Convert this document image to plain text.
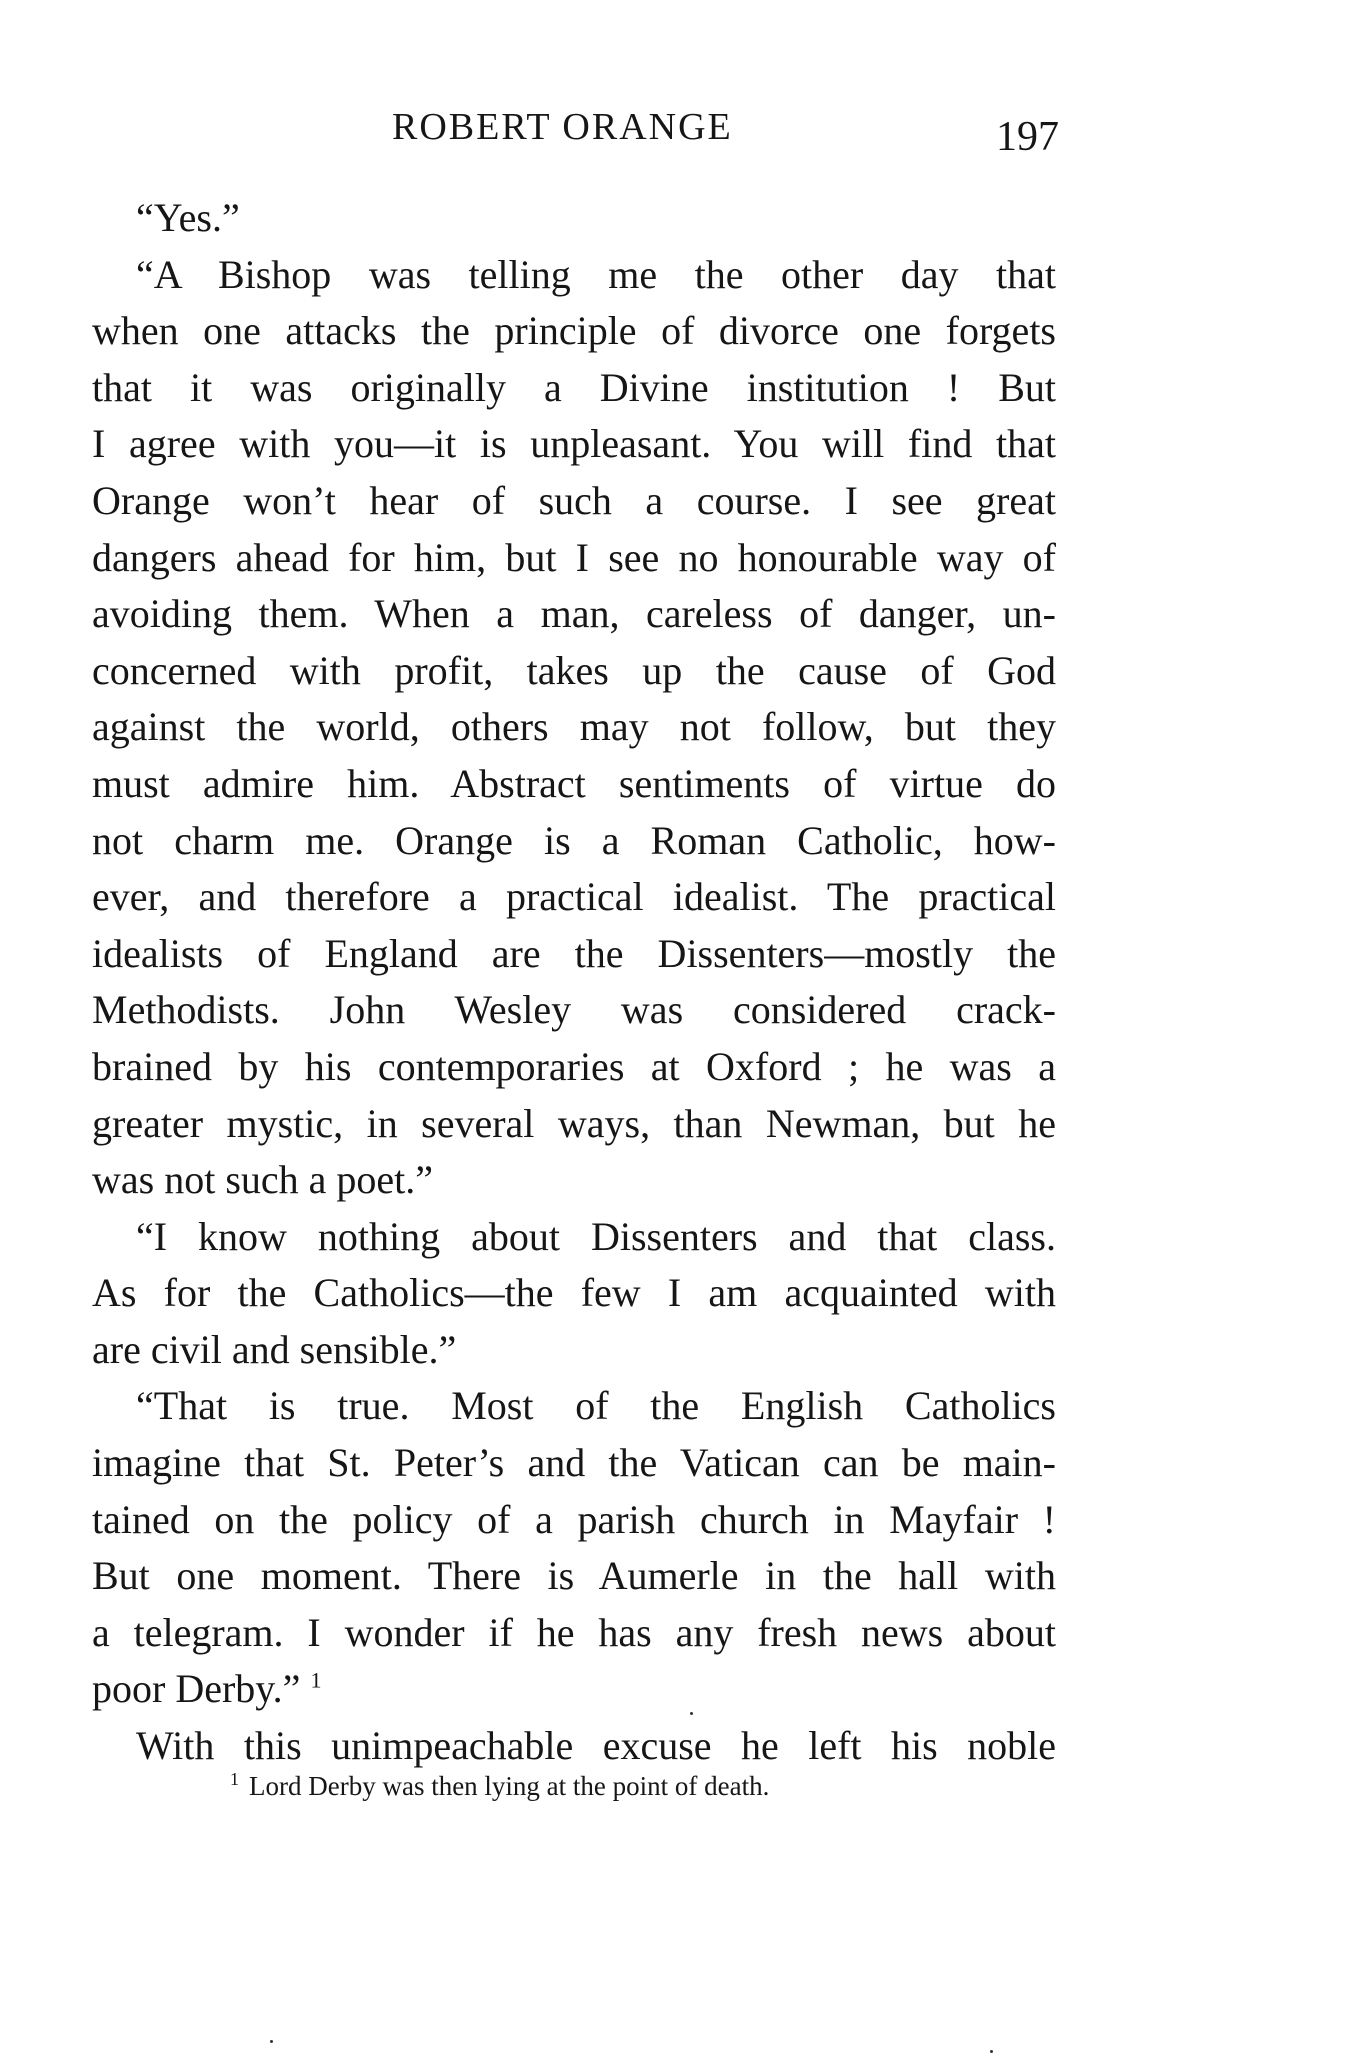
ROBERT ORANGE	197
“Yes.”
“A Bishop was telling me the other day that
when one attacks the principle of divorce one forgets
that it was originally a Divine institution ! But
I agree with you—it is unpleasant. You will find that
Orange won’t hear of such a course. I see great
dangers ahead for him, but I see no honourable way of
avoiding them. When a man, careless of danger, un-
concerned with profit, takes up the cause of God
against the world, others may not follow, but they
must admire him. Abstract sentiments of virtue do
not charm me. Orange is a Roman Catholic, how-
ever, and therefore a practical idealist. The practical
idealists of England are the Dissenters—mostly the
Methodists. John Wesley was considered crack-
brained by his contemporaries at Oxford ; he was a
greater mystic, in several ways, than Newman, but he
was not such a poet.”
“I know nothing about Dissenters and that class.
As for the Catholics—the few I am acquainted with
are civil and sensible.”
“That is true. Most of the English Catholics
imagine that St. Peter’s and the Vatican can be main-
tained on the policy of a parish church in Mayfair !
But one moment. There is Aumerle in the hall with
a telegram. I wonder if he has any fresh news about
poor Derby.” $^1$
With this unimpeachable excuse he left his noble
$^1$ Lord Derby was then lying at the point of death.
